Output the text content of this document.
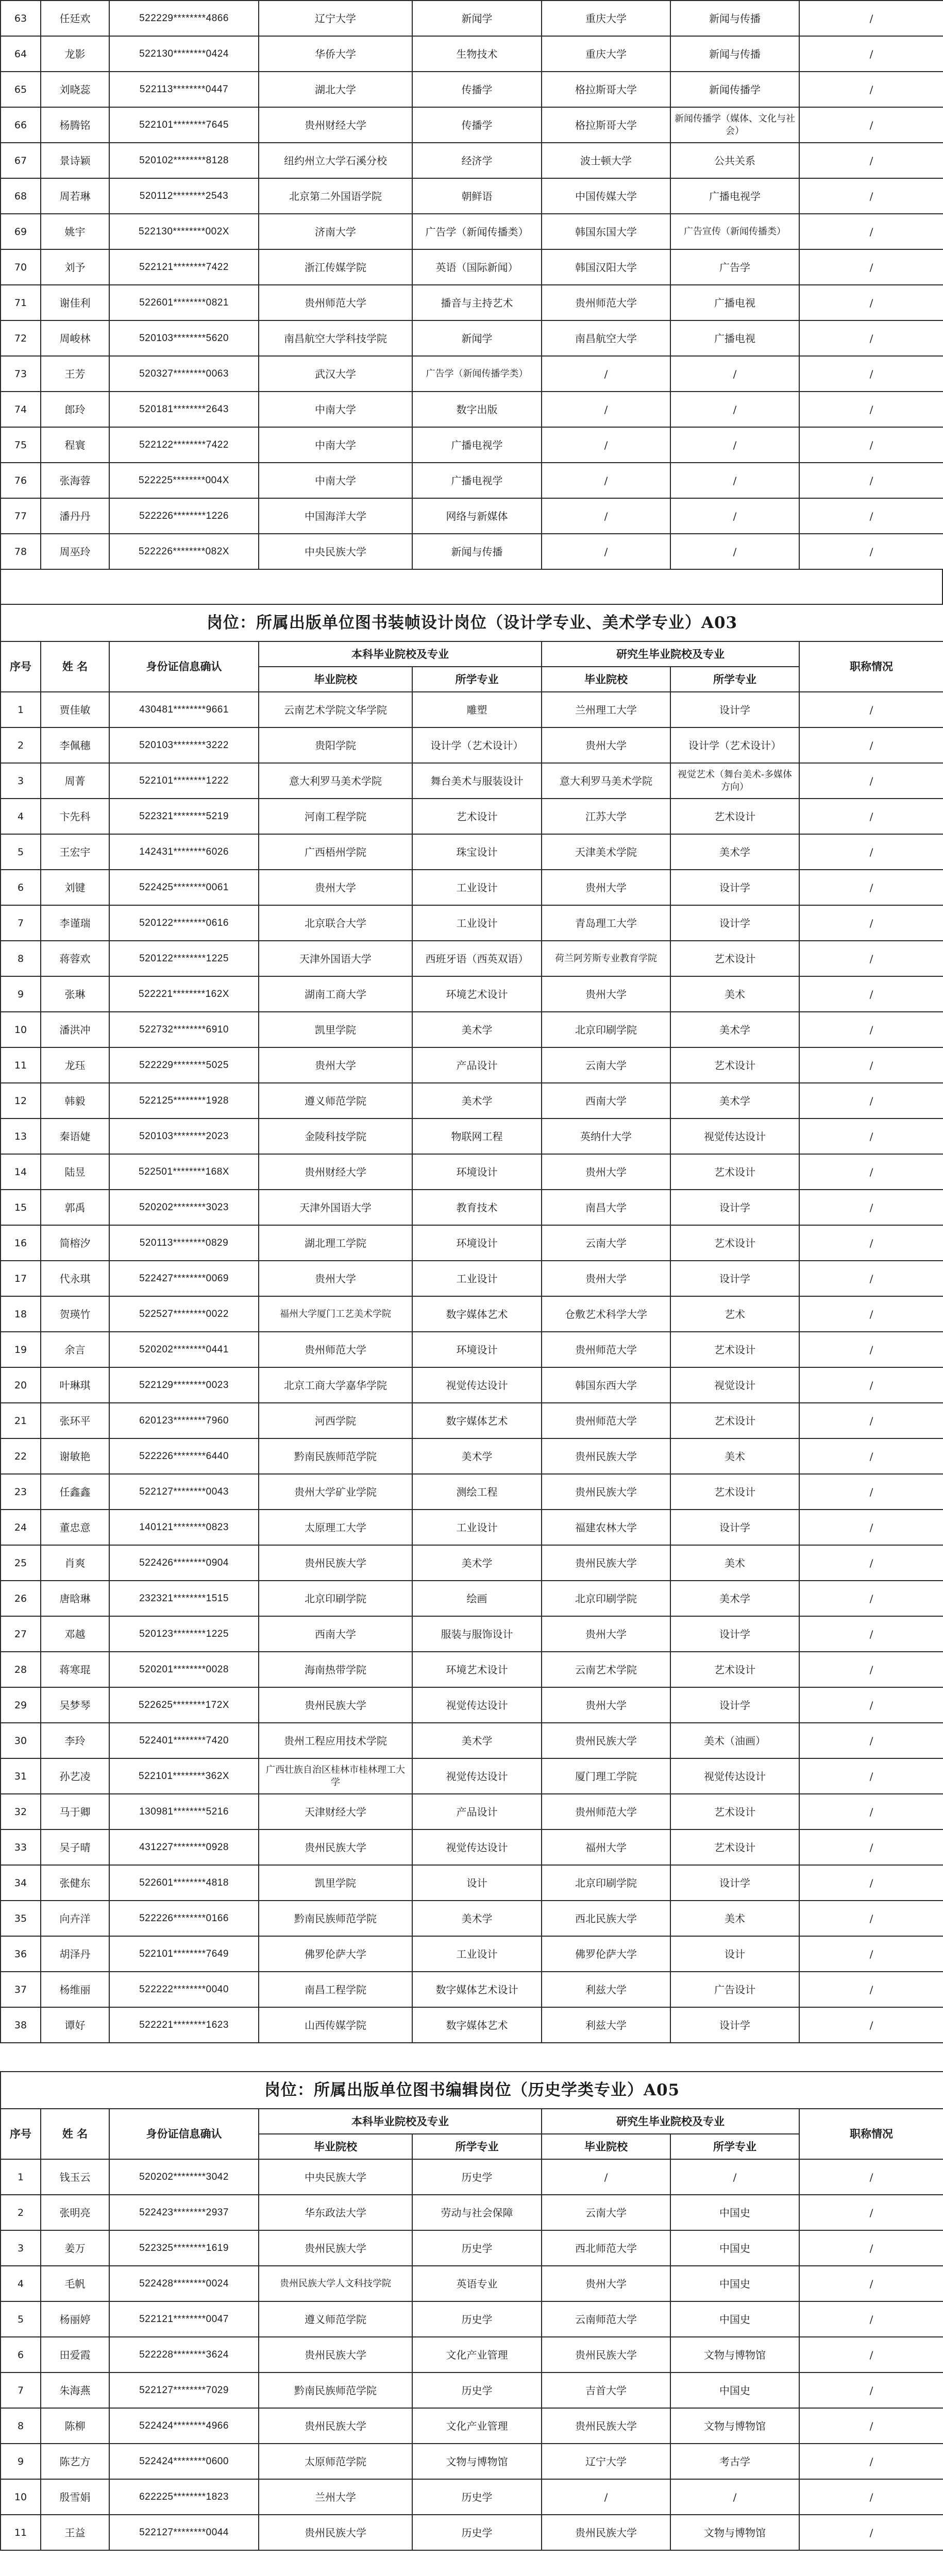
63	任廷欢	522229********4866	辽宁大学	新闻学	重庆大学	新闻与传播	/
64	龙影	522130********0424	华侨大学	生物技术	重庆大学	新闻与传播	/
65	刘晓蕊	522113********0447	湖北大学	传播学	格拉斯哥大学	新闻传播学	/
66	杨腾铭	522101********7645	贵州财经大学	传播学	格拉斯哥大学	新闻传播学（媒体、文化与社会）	/
67	景诗颖	520102********8128	纽约州立大学石溪分校	经济学	波士顿大学	公共关系	/
68	周若琳	520112********2543	北京第二外国语学院	朝鲜语	中国传媒大学	广播电视学	/
69	姚宇	522130********002X	济南大学	广告学（新闻传播类）	韩国东国大学	广告宣传（新闻传播类）	/
70	刘予	522121********7422	浙江传媒学院	英语（国际新闻）	韩国汉阳大学	广告学	/
71	谢佳利	522601********0821	贵州师范大学	播音与主持艺术	贵州师范大学	广播电视	/
72	周峻林	520103********5620	南昌航空大学科技学院	新闻学	南昌航空大学	广播电视	/
73	王芳	520327********0063	武汉大学	广告学（新闻传播学类）	/	/	/
74	郎玲	520181********2643	中南大学	数字出版	/	/	/
75	程寰	522122********7422	中南大学	广播电视学	/	/	/
76	张海蓉	522225********004X	中南大学	广播电视学	/	/	/
77	潘丹丹	522226********1226	中国海洋大学	网络与新媒体	/	/	/
78	周巫玲	522226********082X	中央民族大学	新闻与传播	/	/	/
岗位：所属出版单位图书装帧设计岗位（设计学专业、美术学专业）A03							
序号	姓 名	身份证信息确认	本科毕业院校及专业		研究生毕业院校及专业		职称情况
			毕业院校	所学专业	毕业院校	所学专业	
1	贾佳敏	430481********9661	云南艺术学院文华学院	雕塑	兰州理工大学	设计学	/
2	李佩穗	520103********3222	贵阳学院	设计学（艺术设计）	贵州大学	设计学（艺术设计）	/
3	周菁	522101********1222	意大利罗马美术学院	舞台美术与服装设计	意大利罗马美术学院	视觉艺术（舞台美术-多媒体方向）	/
4	卞先科	522321********5219	河南工程学院	艺术设计	江苏大学	艺术设计	/
5	王宏宇	142431********6026	广西梧州学院	珠宝设计	天津美术学院	美术学	/
6	刘键	522425********0061	贵州大学	工业设计	贵州大学	设计学	/
7	李谨瑞	520122********0616	北京联合大学	工业设计	青岛理工大学	设计学	/
8	蒋蓉欢	520122********1225	天津外国语大学	西班牙语（西英双语）	荷兰阿芳斯专业教育学院	艺术设计	/
9	张琳	522221********162X	湖南工商大学	环境艺术设计	贵州大学	美术	/
10	潘洪冲	522732********6910	凯里学院	美术学	北京印刷学院	美术学	/
11	龙珏	522229********5025	贵州大学	产品设计	云南大学	艺术设计	/
12	韩毅	522125********1928	遵义师范学院	美术学	西南大学	美术学	/
13	秦语婕	520103********2023	金陵科技学院	物联网工程	英纳什大学	视觉传达设计	/
14	陆昱	522501********168X	贵州财经大学	环境设计	贵州大学	艺术设计	/
15	郭禹	520202********3023	天津外国语大学	教育技术	南昌大学	设计学	/
16	简榕汐	520113********0829	湖北理工学院	环境设计	云南大学	艺术设计	/
17	代永琪	522427********0069	贵州大学	工业设计	贵州大学	设计学	/
18	贺瑛竹	522527********0022	福州大学厦门工艺美术学院	数字媒体艺术	仓敷艺术科学大学	艺术	/
19	余言	520202********0441	贵州师范大学	环境设计	贵州师范大学	艺术设计	/
20	叶琳琪	522129********0023	北京工商大学嘉华学院	视觉传达设计	韩国东西大学	视觉设计	/
21	张环平	620123********7960	河西学院	数字媒体艺术	贵州师范大学	艺术设计	/
22	谢敏艳	522226********6440	黔南民族师范学院	美术学	贵州民族大学	美术	/
23	任鑫鑫	522127********0043	贵州大学矿业学院	测绘工程	贵州民族大学	艺术设计	/
24	董忠意	140121********0823	太原理工大学	工业设计	福建农林大学	设计学	/
25	肖爽	522426********0904	贵州民族大学	美术学	贵州民族大学	美术	/
26	唐晗琳	232321********1515	北京印刷学院	绘画	北京印刷学院	美术学	/
27	邓越	520123********1225	西南大学	服装与服饰设计	贵州大学	设计学	/
28	蒋寒琨	520201********0028	海南热带学院	环境艺术设计	云南艺术学院	艺术设计	/
29	吴梦琴	522625********172X	贵州民族大学	视觉传达设计	贵州大学	设计学	/
30	李玲	522401********7420	贵州工程应用技术学院	美术学	贵州民族大学	美术（油画）	/
31	孙艺凌	522101********362X	广西壮族自治区桂林市桂林理工大学	视觉传达设计	厦门理工学院	视觉传达设计	/
32	马于卿	130981********5216	天津财经大学	产品设计	贵州师范大学	艺术设计	/
33	吴子晴	431227********0928	贵州民族大学	视觉传达设计	福州大学	艺术设计	/
34	张健东	522601********4818	凯里学院	设计	北京印刷学院	设计学	/
35	向卉洋	522226********0166	黔南民族师范学院	美术学	西北民族大学	美术	/
36	胡泽丹	522101********7649	佛罗伦萨大学	工业设计	佛罗伦萨大学	设计	/
37	杨维丽	522222********0040	南昌工程学院	数字媒体艺术设计	利兹大学	广告设计	/
38	谭好	522221********1623	山西传媒学院	数字媒体艺术	利兹大学	设计学	/
岗位：所属出版单位图书编辑岗位（历史学类专业）A05							
序号	姓 名	身份证信息确认	本科毕业院校及专业		研究生毕业院校及专业		职称情况
			毕业院校	所学专业	毕业院校	所学专业	
1	钱玉云	520202********3042	中央民族大学	历史学	/	/	/
2	张明亮	522423********2937	华东政法大学	劳动与社会保障	云南大学	中国史	/
3	姜万	522325********1619	贵州民族大学	历史学	西北师范大学	中国史	/
4	毛帆	522428********0024	贵州民族大学人文科技学院	英语专业	贵州大学	中国史	/
5	杨丽婷	522121********0047	遵义师范学院	历史学	云南师范大学	中国史	/
6	田爱霞	522228********3624	贵州民族大学	文化产业管理	贵州民族大学	文物与博物馆	/
7	朱海燕	522127********7029	黔南民族师范学院	历史学	吉首大学	中国史	/
8	陈柳	522424********4966	贵州民族大学	文化产业管理	贵州民族大学	文物与博物馆	/
9	陈艺方	522424********0600	太原师范学院	文物与博物馆	辽宁大学	考古学	/
10	殷雪娟	622225********1823	兰州大学	历史学	/	/	/
11	王益	522127********0044	贵州民族大学	历史学	贵州民族大学	文物与博物馆	/
